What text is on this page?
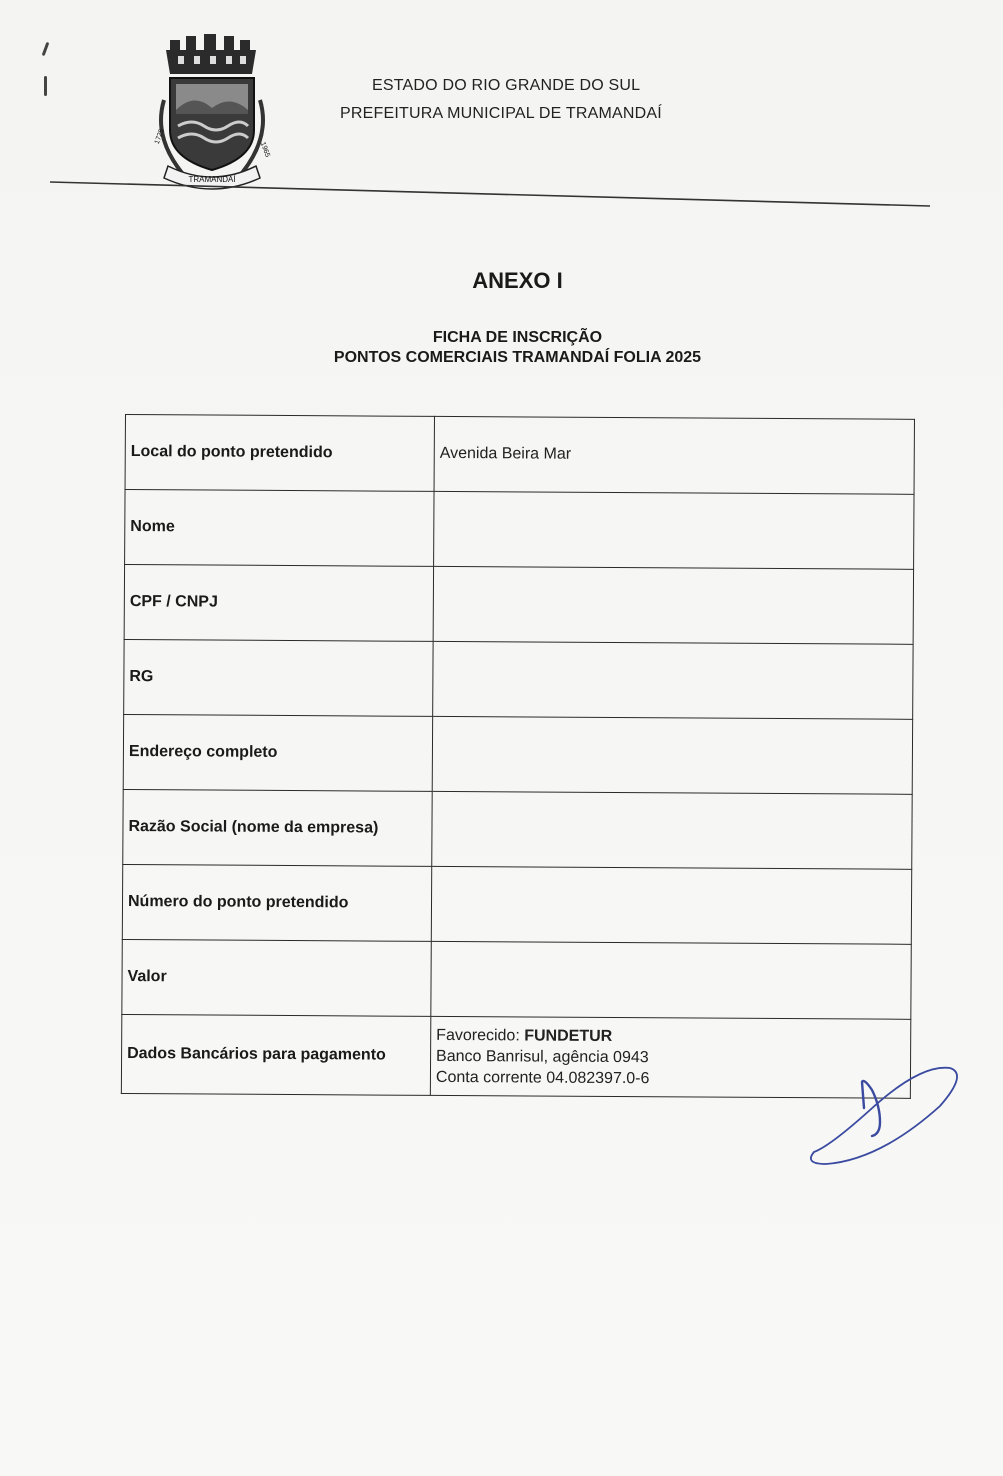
TRAMANDAÍ
1725
1965

ESTADO DO RIO GRANDE DO SUL

PREFEITURA MUNICIPAL DE TRAMANDAÍ

ANEXO I
FICHA DE INSCRIÇÃO
PONTOS COMERCIAIS TRAMANDAÍ FOLIA 2025
Local do ponto pretendido	Avenida Beira Mar
Nome	
CPF / CNPJ	
RG	
Endereço completo	
Razão Social (nome da empresa)	
Número do ponto pretendido	
Valor	
Dados Bancários para pagamento	Favorecido: FUNDETUR
Banco Banrisul, agência 0943
Conta corrente 04.082397.0-6
